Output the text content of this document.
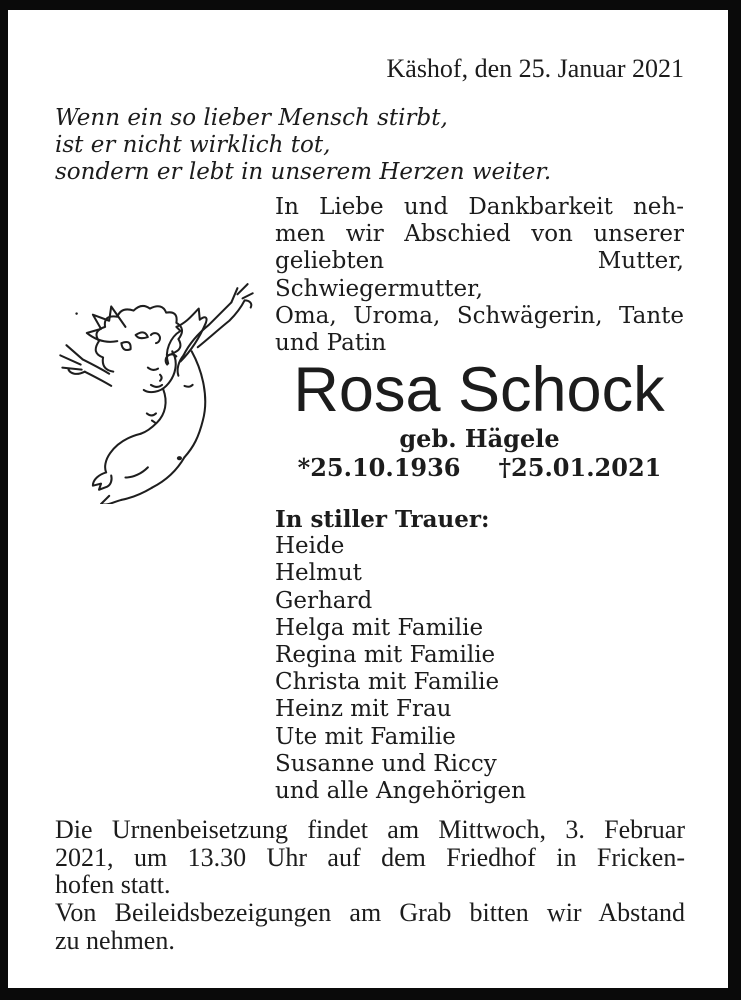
Käshof, den 25. Januar 2021
Wenn ein so lieber Mensch stirbt,
ist er nicht wirklich tot,
sondern er lebt in unserem Herzen weiter.
In Liebe und Dankbarkeit neh-
men wir Abschied von unserer
geliebten Mutter, Schwiegermutter,
Oma, Uroma, Schwägerin, Tante
und Patin
Rosa Schock
geb. Hägele
*25.10.1936 †25.01.2021
In stiller Trauer:
Heide
Helmut
Gerhard
Helga mit Familie
Regina mit Familie
Christa mit Familie
Heinz mit Frau
Ute mit Familie
Susanne und Riccy
und alle Angehörigen
Die Urnenbeisetzung findet am Mittwoch, 3. Februar
2021, um 13.30 Uhr auf dem Friedhof in Fricken-
hofen statt.
Von Beileidsbezeigungen am Grab bitten wir Abstand
zu nehmen.
